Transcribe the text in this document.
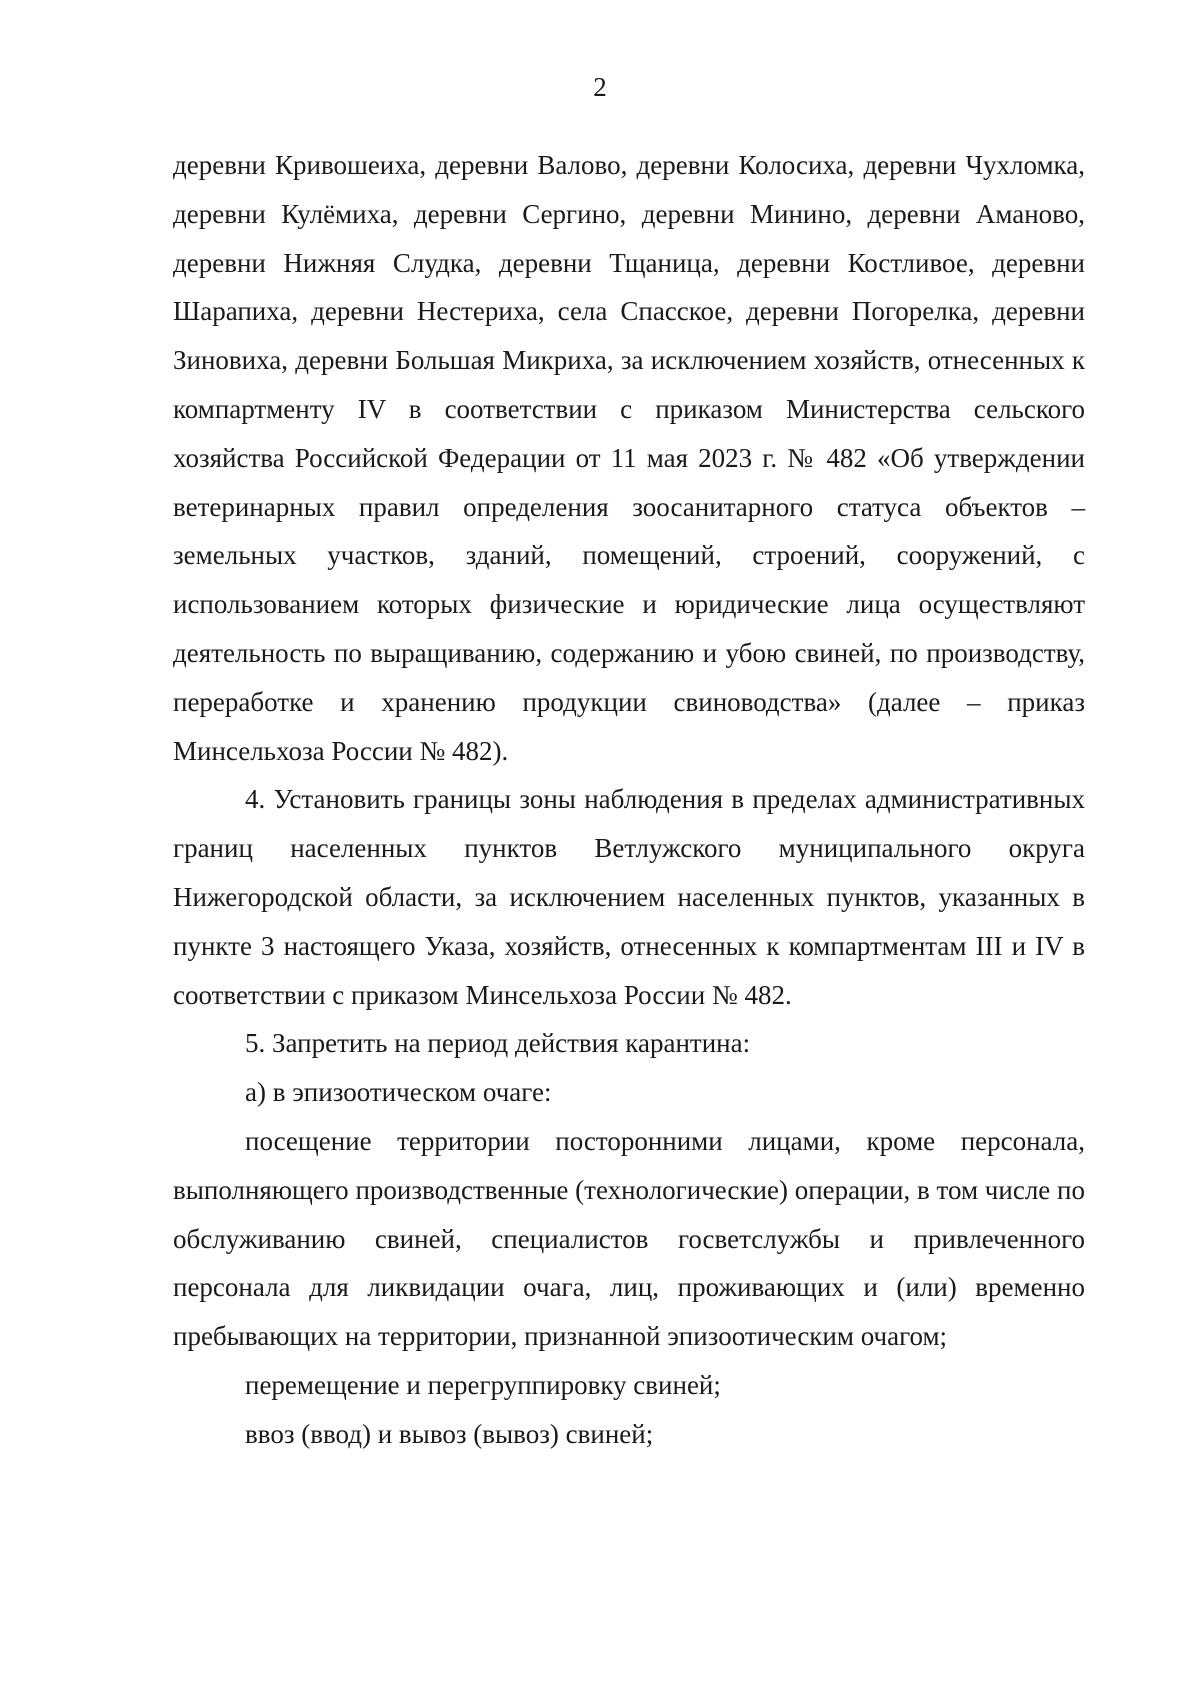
2

деревни Кривошеиха, деревни Валово, деревни Колосиха, деревни Чухломка, деревни Кулёмиха, деревни Сергино, деревни Минино, деревни Аманово, деревни Нижняя Слудка, деревни Тщаница, деревни Костливое, деревни Шарапиха, деревни Нестериха, села Спасское, деревни Погорелка, деревни Зиновиха, деревни Большая Микриха, за исключением хозяйств, отнесенных к компартменту IV в соответствии с приказом Министерства сельского хозяйства Российской Федерации от 11 мая 2023 г. № 482 «Об утверждении ветеринарных правил определения зоосанитарного статуса объектов – земельных участков, зданий, помещений, строений, сооружений, с использованием которых физические и юридические лица осуществляют деятельность по выращиванию, содержанию и убою свиней, по производству, переработке и хранению продукции свиноводства» (далее – приказ Минсельхоза России № 482).

4. Установить границы зоны наблюдения в пределах административных границ населенных пунктов Ветлужского муниципального округа Нижегородской области, за исключением населенных пунктов, указанных в пункте 3 настоящего Указа, хозяйств, отнесенных к компартментам III и IV в соответствии с приказом Минсельхоза России № 482.

5. Запретить на период действия карантина:

а) в эпизоотическом очаге:

посещение территории посторонними лицами, кроме персонала, выполняющего производственные (технологические) операции, в том числе по обслуживанию свиней, специалистов госветслужбы и привлеченного персонала для ликвидации очага, лиц, проживающих и (или) временно пребывающих на территории, признанной эпизоотическим очагом;

перемещение и перегруппировку свиней;

ввоз (ввод) и вывоз (вывоз) свиней;
